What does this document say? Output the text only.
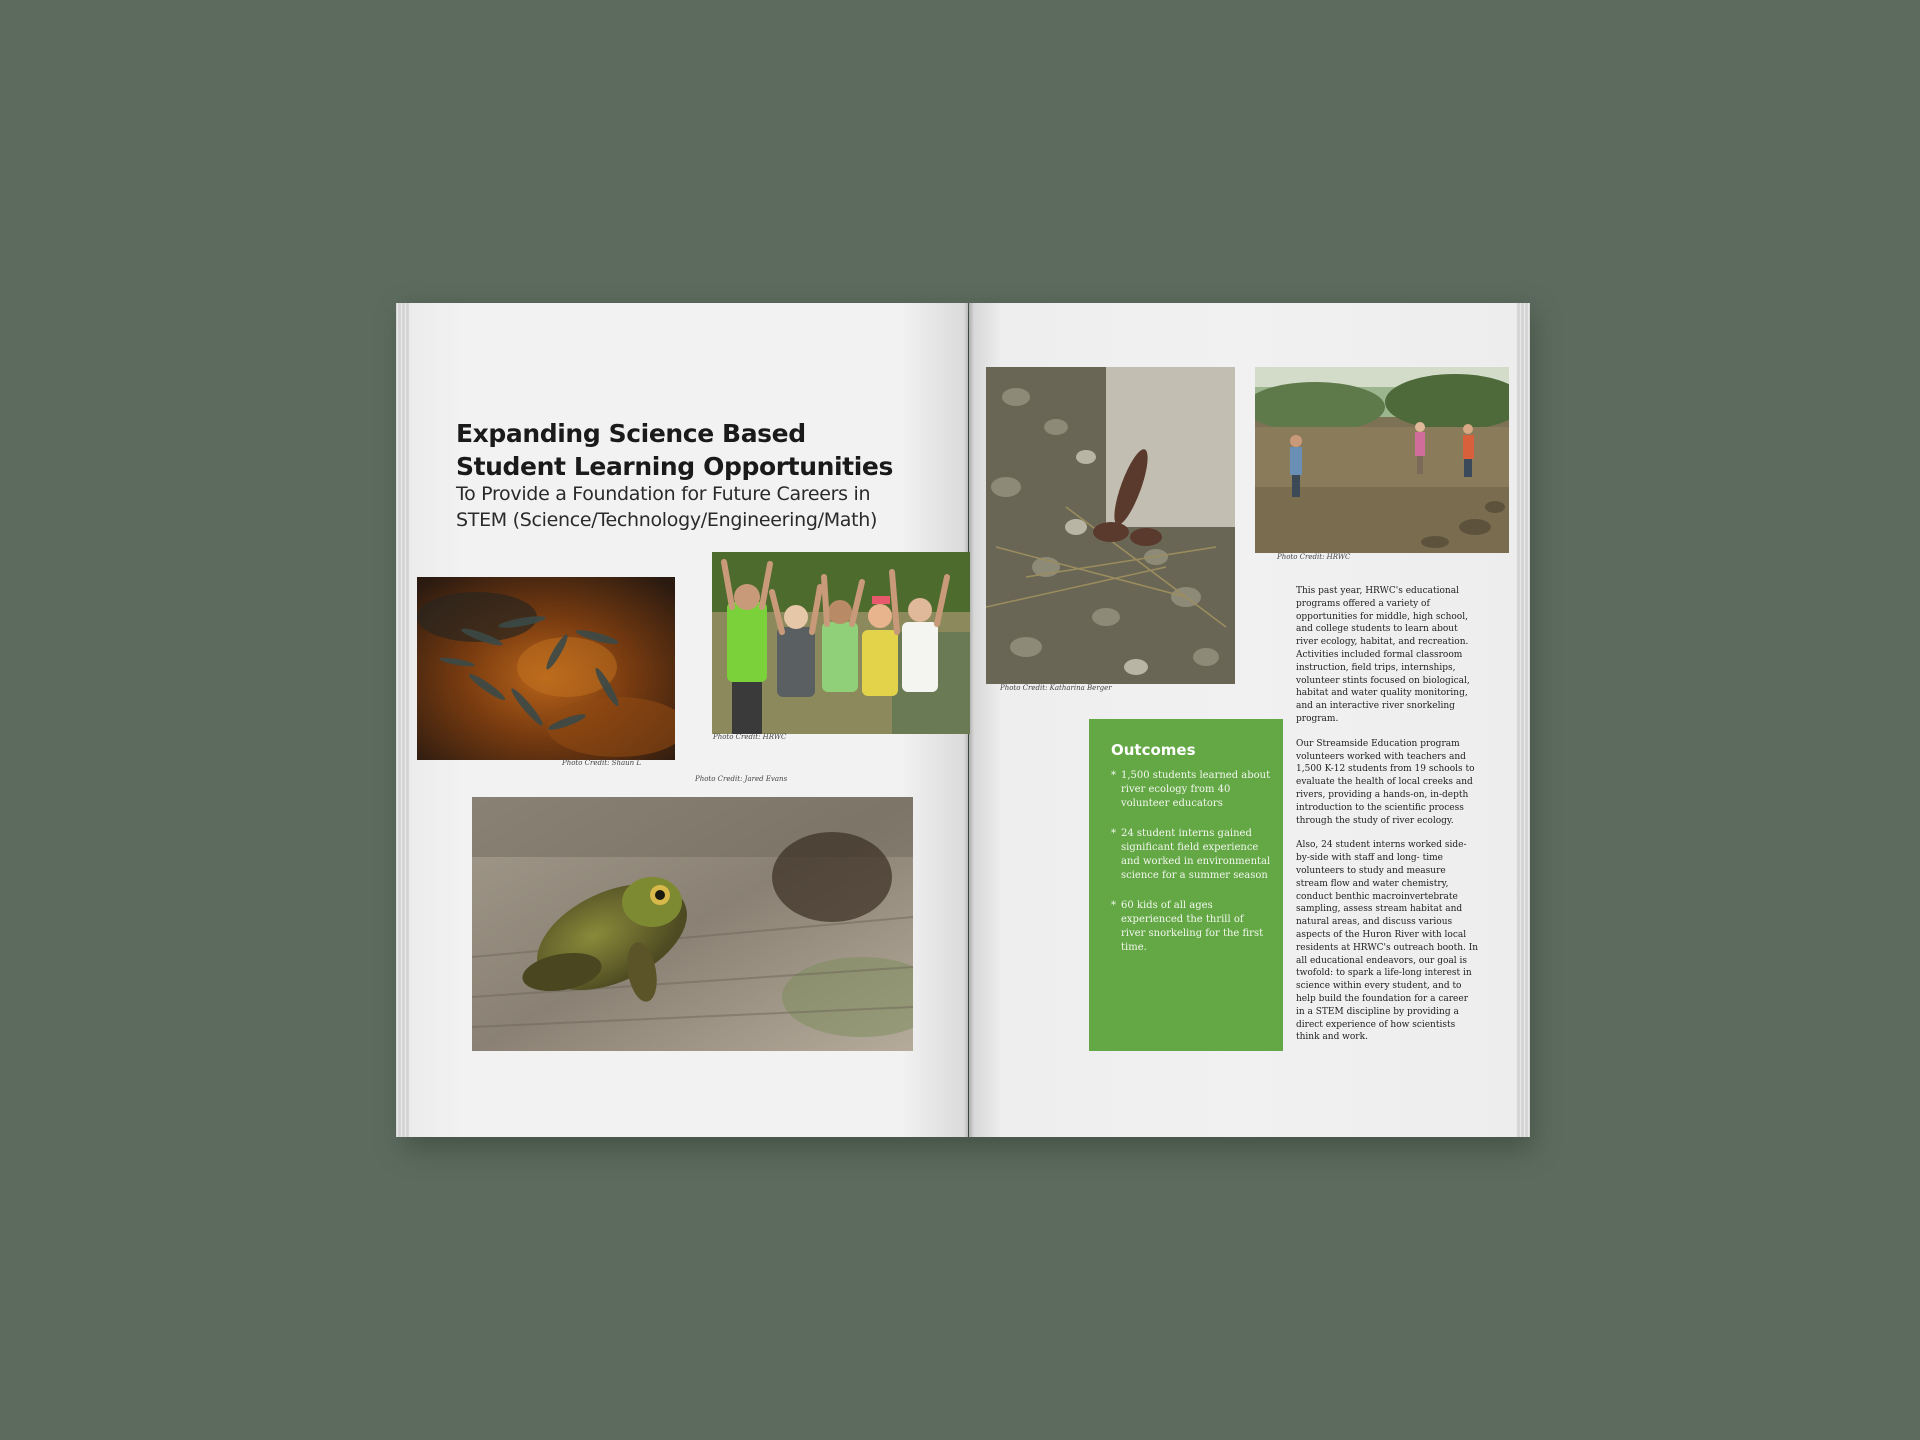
Expanding Science Based
Student Learning Opportunities
To Provide a Foundation for Future Careers in
STEM (Science/Technology/Engineering/Math)
Photo Credit: Shaun L
Photo Credit: HRWC
Photo Credit: Jared Evans
Photo Credit: Katharina Berger
Photo Credit: HRWC
Outcomes
* 1,500 students learned about river ecology from 40 volunteer educators
* 24 student interns gained significant field experience and worked in environmental science for a summer season
* 60 kids of all ages experienced the thrill of river snorkeling for the first time.

This past year, HRWC's educational programs offered a variety of opportunities for middle, high school, and college students to learn about river ecology, habitat, and recreation. Activities included formal classroom instruction, field trips, internships, volunteer stints focused on biological, habitat and water quality monitoring, and an interactive river snorkeling program.

Our Streamside Education program volunteers worked with teachers and 1,500 K-12 students from 19 schools to evaluate the health of local creeks and rivers, providing a hands-on, in-depth introduction to the scientific process through the study of river ecology.

Also, 24 student interns worked side-by-side with staff and long- time volunteers to study and measure stream flow and water chemistry, conduct benthic macroinvertebrate sampling, assess stream habitat and natural areas, and discuss various aspects of the Huron River with local residents at HRWC's outreach booth. In all educational endeavors, our goal is twofold: to spark a life-long interest in science within every student, and to help build the foundation for a career in a STEM discipline by providing a direct experience of how scientists think and work.
